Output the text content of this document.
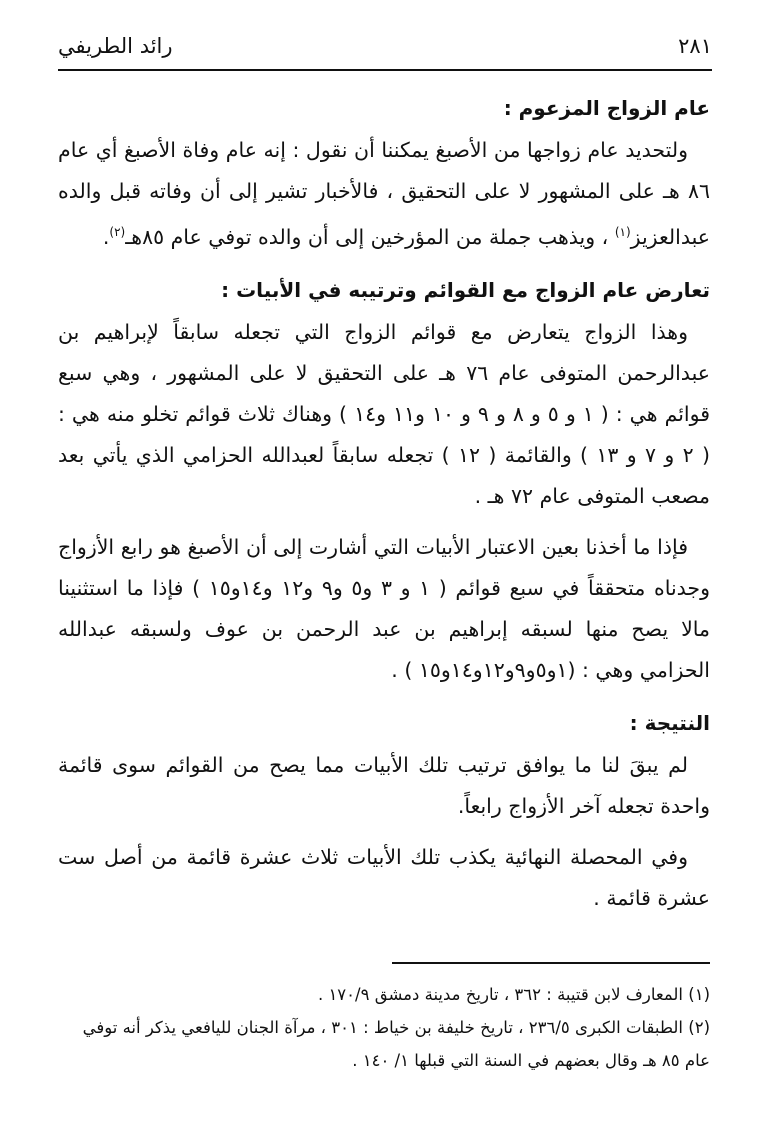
٢٨١
رائد الطريفي
عام الزواج المزعوم :

ولتحديد عام زواجها من الأصبغ يمكننا أن نقول : إنه عام وفاة الأصبغ أي عام ٨٦ هـ على المشهور لا على التحقيق ، فالأخبار تشير إلى أن وفاته قبل والده عبدالعزيز$^{(١)}$ ، ويذهب جملة من المؤرخين إلى أن والده توفي عام ٨٥هـ$^{(٢)}$.

تعارض عام الزواج مع القوائم وترتيبه في الأبيات :

وهذا الزواج يتعارض مع قوائم الزواج التي تجعله سابقاً لإبراهيم بن عبدالرحمن المتوفى عام ٧٦ هـ على التحقيق لا على المشهور ، وهي سبع قوائم هي : ( ١ و ٥ و ٨ و ٩ و ١٠ و١١ و١٤ ) وهناك ثلاث قوائم تخلو منه هي : ( ٢ و ٧ و ١٣ ) والقائمة ( ١٢ ) تجعله سابقاً لعبدالله الحزامي الذي يأتي بعد مصعب المتوفى عام ٧٢ هـ .

فإذا ما أخذنا بعين الاعتبار الأبيات التي أشارت إلى أن الأصبغ هو رابع الأزواج وجدناه متحققاً في سبع قوائم ( ١ و ٣ و٥ و٩ و١٢ و١٤و١٥ ) فإذا ما استثنينا مالا يصح منها لسبقه إبراهيم بن عبد الرحمن بن عوف ولسبقه عبدالله الحزامي وهي : (١و٥و٩و١٢و١٤و١٥ ) .

النتيجة :

لم يبقَ لنا ما يوافق ترتيب تلك الأبيات مما يصح من القوائم سوى قائمة واحدة تجعله آخر الأزواج رابعاً.

وفي المحصلة النهائية يكذب تلك الأبيات ثلاث عشرة قائمة من أصل ست عشرة قائمة .

(١) المعارف لابن قتيبة : ٣٦٢ ، تاريخ مدينة دمشق ١٧٠/٩ .

(٢) الطبقات الكبرى ٢٣٦/٥ ، تاريخ خليفة بن خياط : ٣٠١ ، مرآة الجنان لليافعي يذكر أنه توفي عام ٨٥ هـ وقال بعضهم في السنة التي قبلها ١/ ١٤٠ .
